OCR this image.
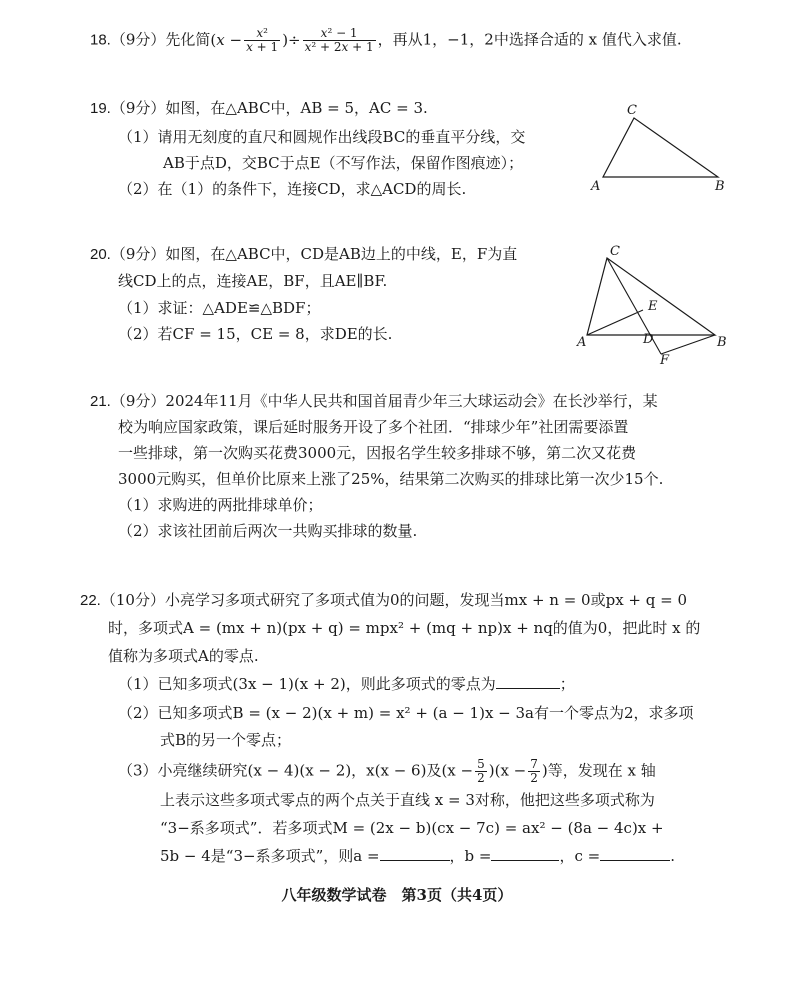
18.（9分）先化简($x - \frac{\text{x²}}{x + 1}$ )÷ $\frac{\text{x² − 1}}{\text{x² + 2x + 1}}$ ，再从1，−1，2中选择合适的 x 值代入求值.
19.（9分）如图，在△ABC中，AB = 5，AC = 3.
（1）请用无刻度的直尺和圆规作出线段BC的垂直平分线，交
AB于点D，交BC于点E（不写作法，保留作图痕迹）；
（2）在（1）的条件下，连接CD，求△ACD的周长.
C
A	B
20.（9分）如图，在△ABC中，CD是AB边上的中线，E，F为直
线CD上的点，连接AE，BF，且AE∥BF.
（1）求证：△ADE≌△BDF；
（2）若CF = 15，CE = 8，求DE的长.
C
A	B
D
E
F
21.（9分）2024年11月《中华人民共和国首届青少年三大球运动会》在长沙举行，某
校为响应国家政策，课后延时服务开设了多个社团．“排球少年”社团需要添置
一些排球，第一次购买花费3000元，因报名学生较多排球不够，第二次又花费
3000元购买，但单价比原来上涨了25%，结果第二次购买的排球比第一次少15个.
（1）求购进的两批排球单价；
（2）求该社团前后两次一共购买排球的数量.
22.（10分）小亮学习多项式研究了多项式值为0的问题，发现当mx + n = 0或px + q = 0
时，多项式A = (mx + n)(px + q) = mpx² + (mq + np)x + nq的值为0，把此时 x 的
值称为多项式A的零点.
（1）已知多项式(3x − 1)(x + 2)，则此多项式的零点为	；
（2）已知多项式B = (x − 2)(x + m) = x² + (a − 1)x − 3a有一个零点为2，求多项
式B的另一个零点；
（3）小亮继续研究(x − 4)(x − 2)，x(x − 6)及$(x - \frac{5}{2} )(x - \frac{7}{2}$ )等，发现在 x 轴
上表示这些多项式零点的两个点关于直线 x = 3对称，他把这些多项式称为
“3−系多项式”．若多项式M = (2x − b)(cx − 7c) = ax² − (8a − 4c)x +
5b − 4是“3−系多项式”，则a =	，b =	，c =	.
八年级数学试卷　第3页（共4页）
